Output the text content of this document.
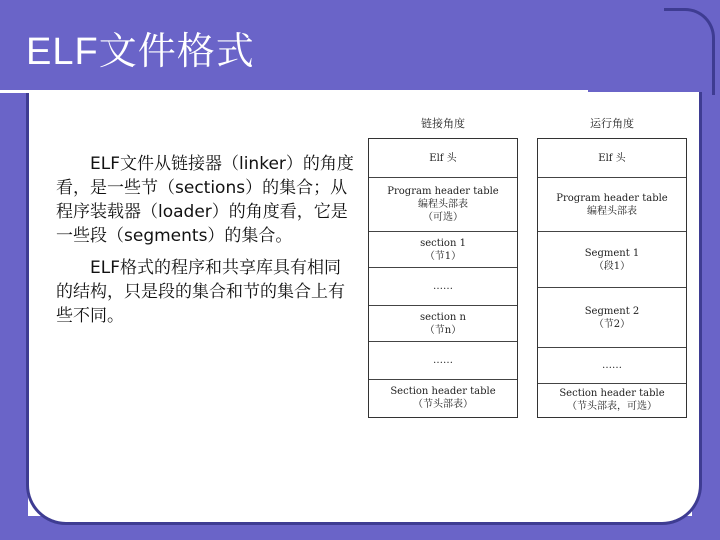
ELF文件格式

ELF文件从链接器（linker）的角度看，是一些节（sections）的集合；从程序装载器（loader）的角度看，它是一些段（segments）的集合。

ELF格式的程序和共享库具有相同的结构，只是段的集合和节的集合上有些不同。

链接角度	运行角度
Elf 头
Program header table
编程头部表
（可选）
section 1
（节1）
……
section n
（节n）
……
Section header table
（节头部表）
Elf 头
Program header table
编程头部表
Segment 1
（段1）
Segment 2
（节2）
……
Section header table
（节头部表，可选）
